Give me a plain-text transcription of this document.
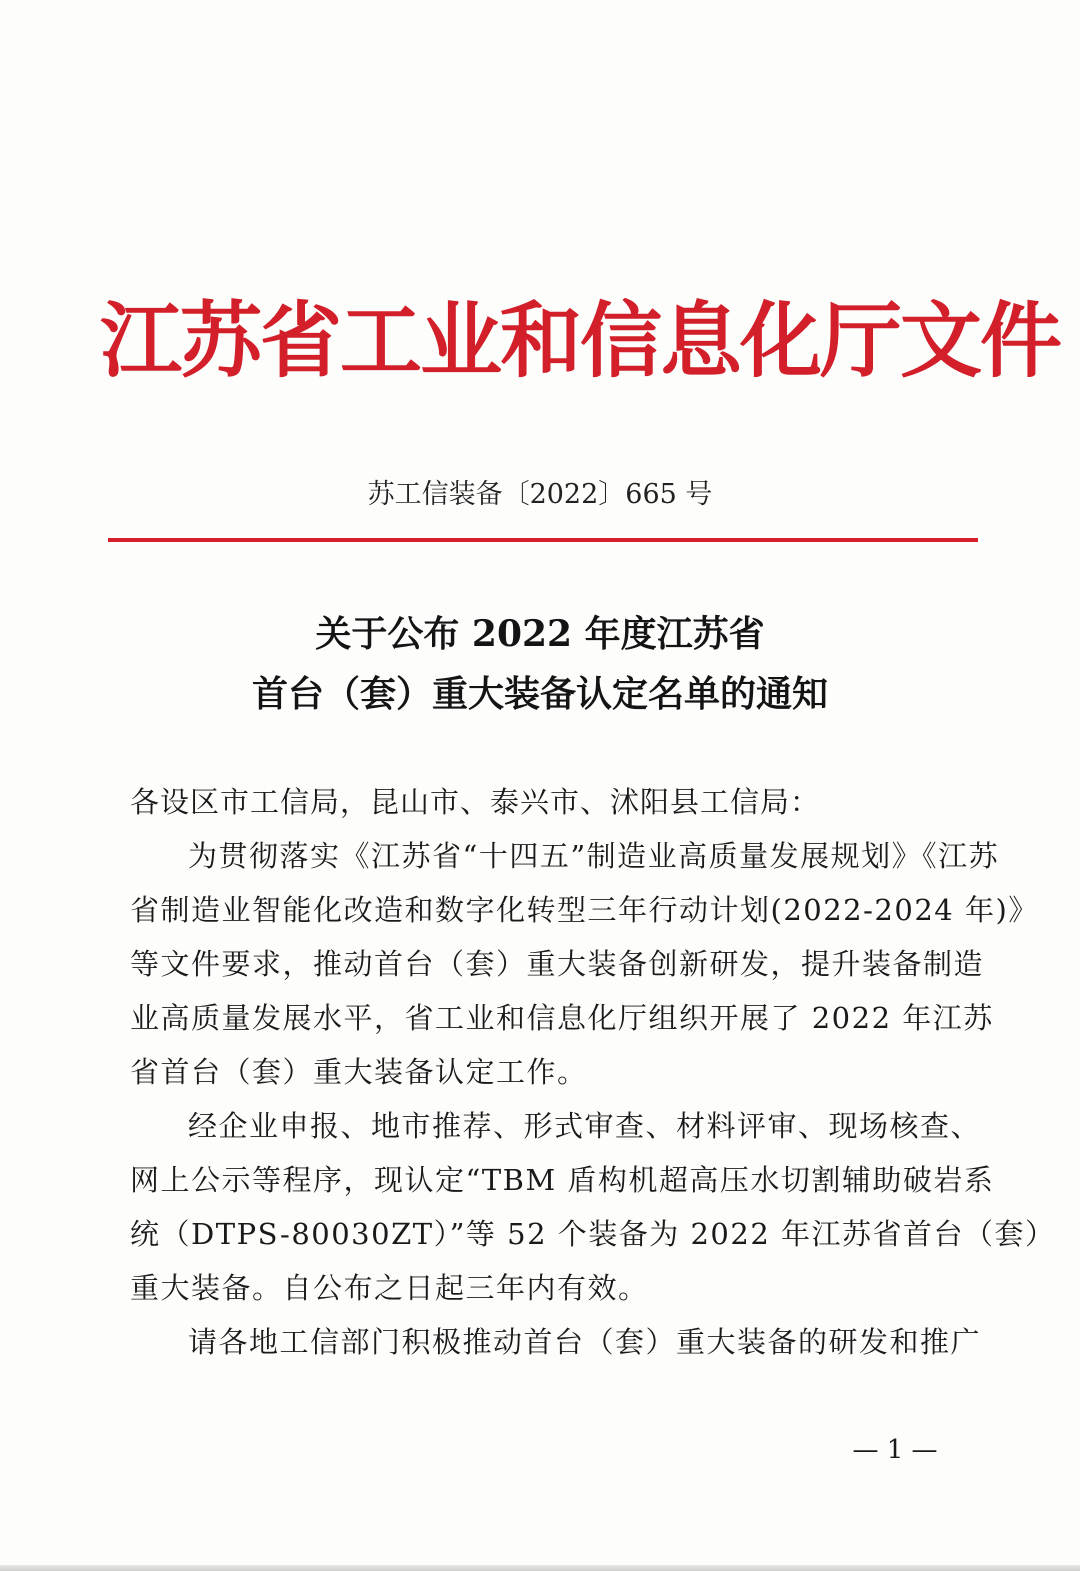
江苏省工业和信息化厅文件
苏工信装备〔2022〕665 号
关于公布 2022 年度江苏省
首台（套）重大装备认定名单的通知

各设区市工信局，昆山市、泰兴市、沭阳县工信局：

为贯彻落实《江苏省“十四五”制造业高质量发展规划》《江苏
省制造业智能化改造和数字化转型三年行动计划(2022-2024 年)》
等文件要求，推动首台（套）重大装备创新研发，提升装备制造
业高质量发展水平，省工业和信息化厅组织开展了 2022 年江苏
省首台（套）重大装备认定工作。

经企业申报、地市推荐、形式审查、材料评审、现场核查、
网上公示等程序，现认定“TBM 盾构机超高压水切割辅助破岩系
统（DTPS-80030ZT）”等 52 个装备为 2022 年江苏省首台（套）
重大装备。自公布之日起三年内有效。

请各地工信部门积极推动首台（套）重大装备的研发和推广

— 1 —
